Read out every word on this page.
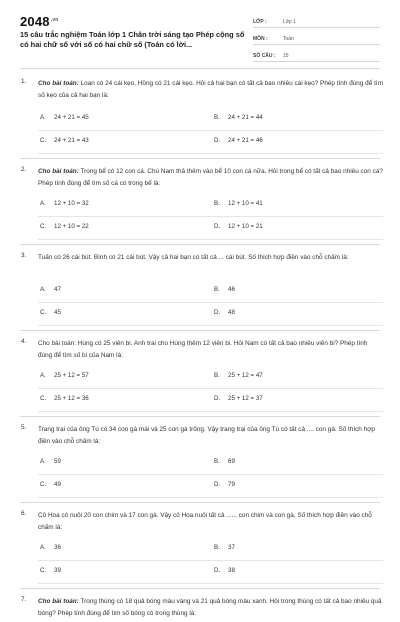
$2048^{.vn}$
15 câu trắc nghiệm Toán lớp 1 Chân trời sáng tạo Phép cộng số có hai chữ số với số có hai chữ số (Toán có lời...
LỚP :	Lớp 1
MÔN :	Toán
SỐ CÂU :	15
1. Cho bài toán: Loan có 24 cái kẹo, Hồng có 21 cái kẹo. Hỏi cả hai bạn có tất cả bao nhiêu cái kẹo? Phép tính đúng để tìm số kẹo của cả hai bạn là:
A.	24 + 21 = 45	B.	24 + 21 = 44
C.	24 + 21 = 43	D.	24 + 21 = 46
2. Cho bài toán: Trong bể có 12 con cá. Chú Nam thả thêm vào bể 10 con cá nữa. Hỏi trong bể có tất cả bao nhiêu con cá? Phép tính đúng để tìm số cá có trong bể là:
A.	12 + 10 = 32	B.	12 + 10 = 41
C.	12 + 10 = 22	D.	12 + 10 = 21
3. Tuấn có 26 cái bút. Bình có 21 cái bút. Vậy cả hai bạn có tất cả ... cái bút. Số thích hợp điền vào chỗ chấm là:
A.	47	B.	46
C.	45	D.	48
4. Cho bài toán: Hùng có 25 viên bi. Anh trai cho Hùng thêm 12 viên bi. Hỏi Nam có tất cả bao nhiêu viên bi? Phép tính đúng để tìm số bi của Nam là:
A.	25 + 12 = 57	B.	25 + 12 = 47
C.	25 + 12 = 36	D.	25 + 12 = 37
5. Trang trại của ông Tú có 34 con gà mái và 25 con gà trống. Vậy trang trại của ông Tú có tất cả .... con gà. Số thích hợp điền vào chỗ chấm là:
A.	59	B.	69
C.	49	D.	79
6. Cô Hoa có nuôi 20 con chim và 17 con gà. Vậy cô Hoa nuôi tất cả ...... con chim và con gà. Số thích hợp điền vào chỗ chấm là:
A.	36	B.	37
C.	39	D.	38
7. Cho bài toán: Trong thùng có 18 quả bóng màu vàng và 21 quả bóng màu xanh. Hỏi trong thùng có tất cả bao nhiêu quả bóng? Phép tính đúng để tìm số bóng có trong thùng là:
